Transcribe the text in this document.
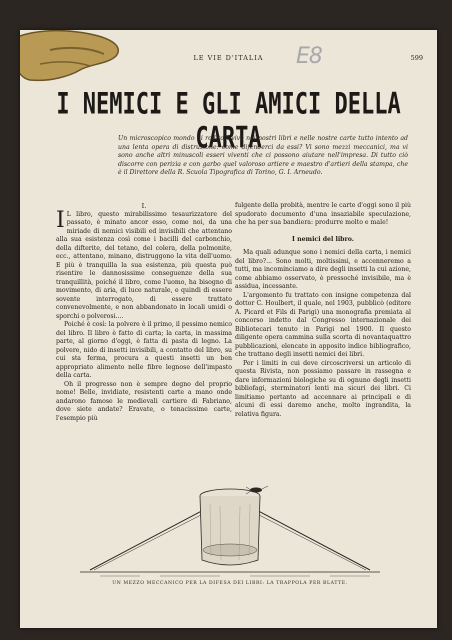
E8
LE VIE D'ITALIA	599
I NEMICI E GLI AMICI DELLA CARTA
Un microscopico mondo di roditori vive nei nostri libri e nelle nostre carte tutto intento ad una lenta opera di distruzione: come difenderci da essi? Vi sono mezzi meccanici, ma vi sono anche altri minuscoli esseri viventi che ci possono aiutare nell'impresa. Di tutto ciò discorre con perizia e con garbo quel valoroso artiere e maestro d'artieri della stampa, che è il Direttore della R. Scuola Tipografica di Torino, G. I. Arneudo.

I.

I L libro, questo mirabilissimo tesaurizzatore del passato, è minato ancor esso, come noi, da una miriade di nemici visibili ed invisibili che attentano alla sua esistenza così come i bacilli del carbonchio, della difterite, del tetano, del colera, della polmonite, ecc., attentano, minano, distruggono la vita dell'uomo. E più è tranquilla la sua esistenza, più questa può risentire le dannosissime conseguenze della sua tranquillità, poiché il libro, come l'uomo, ha bisogno di movimento, di aria, di luce naturale, e quindi di essere sovente interrogato, di essere trattato convenevolmente, e non abbandonato in locali umidi o sporchi o polverosi....

Poiché è così: la polvere è il primo, il pessimo nemico del libro. Il libro è fatto di carta; la carta, in massima parte, al giorno d'oggi, è fatta di pasta di legno. La polvere, nido di insetti invisibili, a contatto del libro, su cui sta ferma, procura a questi insetti un ben appropriato alimento nelle fibre legnose dell'impasto della carta.

Oh il progresso non è sempre degno del proprio nome! Belle, invidiate, resistenti carte a mano onde andarono famose le medievali cartiere di Fabriano, dove siete andate? Eravate, o tenacissime carte, l'esempio più

fulgente della probità, mentre le carte d'oggi sono il più spudorato documento d'una insaziabile speculazione, che ha per sua bandiera: produrre molto e male!

I nemici del libro.

Ma quali adunque sono i nemici della carta, i nemici del libro?... Sono molti, moltissimi, e accenneremo a tutti, ma incominciamo a dire degli insetti la cui azione, come abbiamo osservato, è pressoché invisibile, ma è assidua, incessante.

L'argomento fu trattato con insigne competenza dal dottor C. Houlbert, il quale, nel 1903, pubblicò (editore A. Picard et Fils di Parigi) una monografia premiata al concorso indetto dal Congresso internazionale dei Bibliotecari tenuto in Parigi nel 1900. Il questo diligente opera cammina sulla scorta di novantaquattro pubblicazioni, elencate in apposito indice bibliografico, che trattano degli insetti nemici dei libri.

Per i limiti in cui deve circoscriversi un articolo di questa Rivista, non possiamo passare in rassegna e dare informazioni biologiche su di ognuno degli insetti bibliofagi, sterminatori lenti ma sicuri dei libri. Ci limitiamo pertanto ad accennare ai principali e di alcuni di essi daremo anche, molto ingrandita, la relativa figura.

UN MEZZO MECCANICO PER LA DIFESA DEI LIBRI: LA TRAPPOLA PER BLATTE.
